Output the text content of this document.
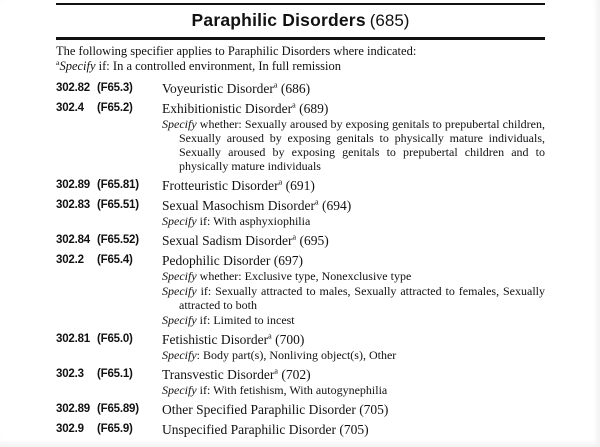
Paraphilic Disorders (685)
The following specifier applies to Paraphilic Disorders where indicated:
$^a$Specify if: In a controlled environment, In full remission
302.82 (F65.3)	Voyeuristic Disorder$^a$ (686)
302.4	(F65.2)	Exhibitionistic Disorder$^a$ (689)
Specify whether: Sexually aroused by exposing genitals to prepubertal children, Sexually aroused by exposing genitals to physically mature individuals, Sexually aroused by exposing genitals to prepubertal children and to physically mature individuals
302.89 (F65.81)	Frotteuristic Disorder$^a$ (691)
302.83 (F65.51)	Sexual Masochism Disorder$^a$ (694)
Specify if: With asphyxiophilia
302.84 (F65.52)	Sexual Sadism Disorder$^a$ (695)
302.2	(F65.4)	Pedophilic Disorder (697)
Specify whether: Exclusive type, Nonexclusive type
Specify if: Sexually attracted to males, Sexually attracted to females, Sexually attracted to both
Specify if: Limited to incest
302.81 (F65.0)	Fetishistic Disorder$^a$ (700)
Specify: Body part(s), Nonliving object(s), Other
302.3	(F65.1)	Transvestic Disorder$^a$ (702)
Specify if: With fetishism, With autogynephilia
302.89 (F65.89)	Other Specified Paraphilic Disorder (705)
302.9	(F65.9)	Unspecified Paraphilic Disorder (705)
